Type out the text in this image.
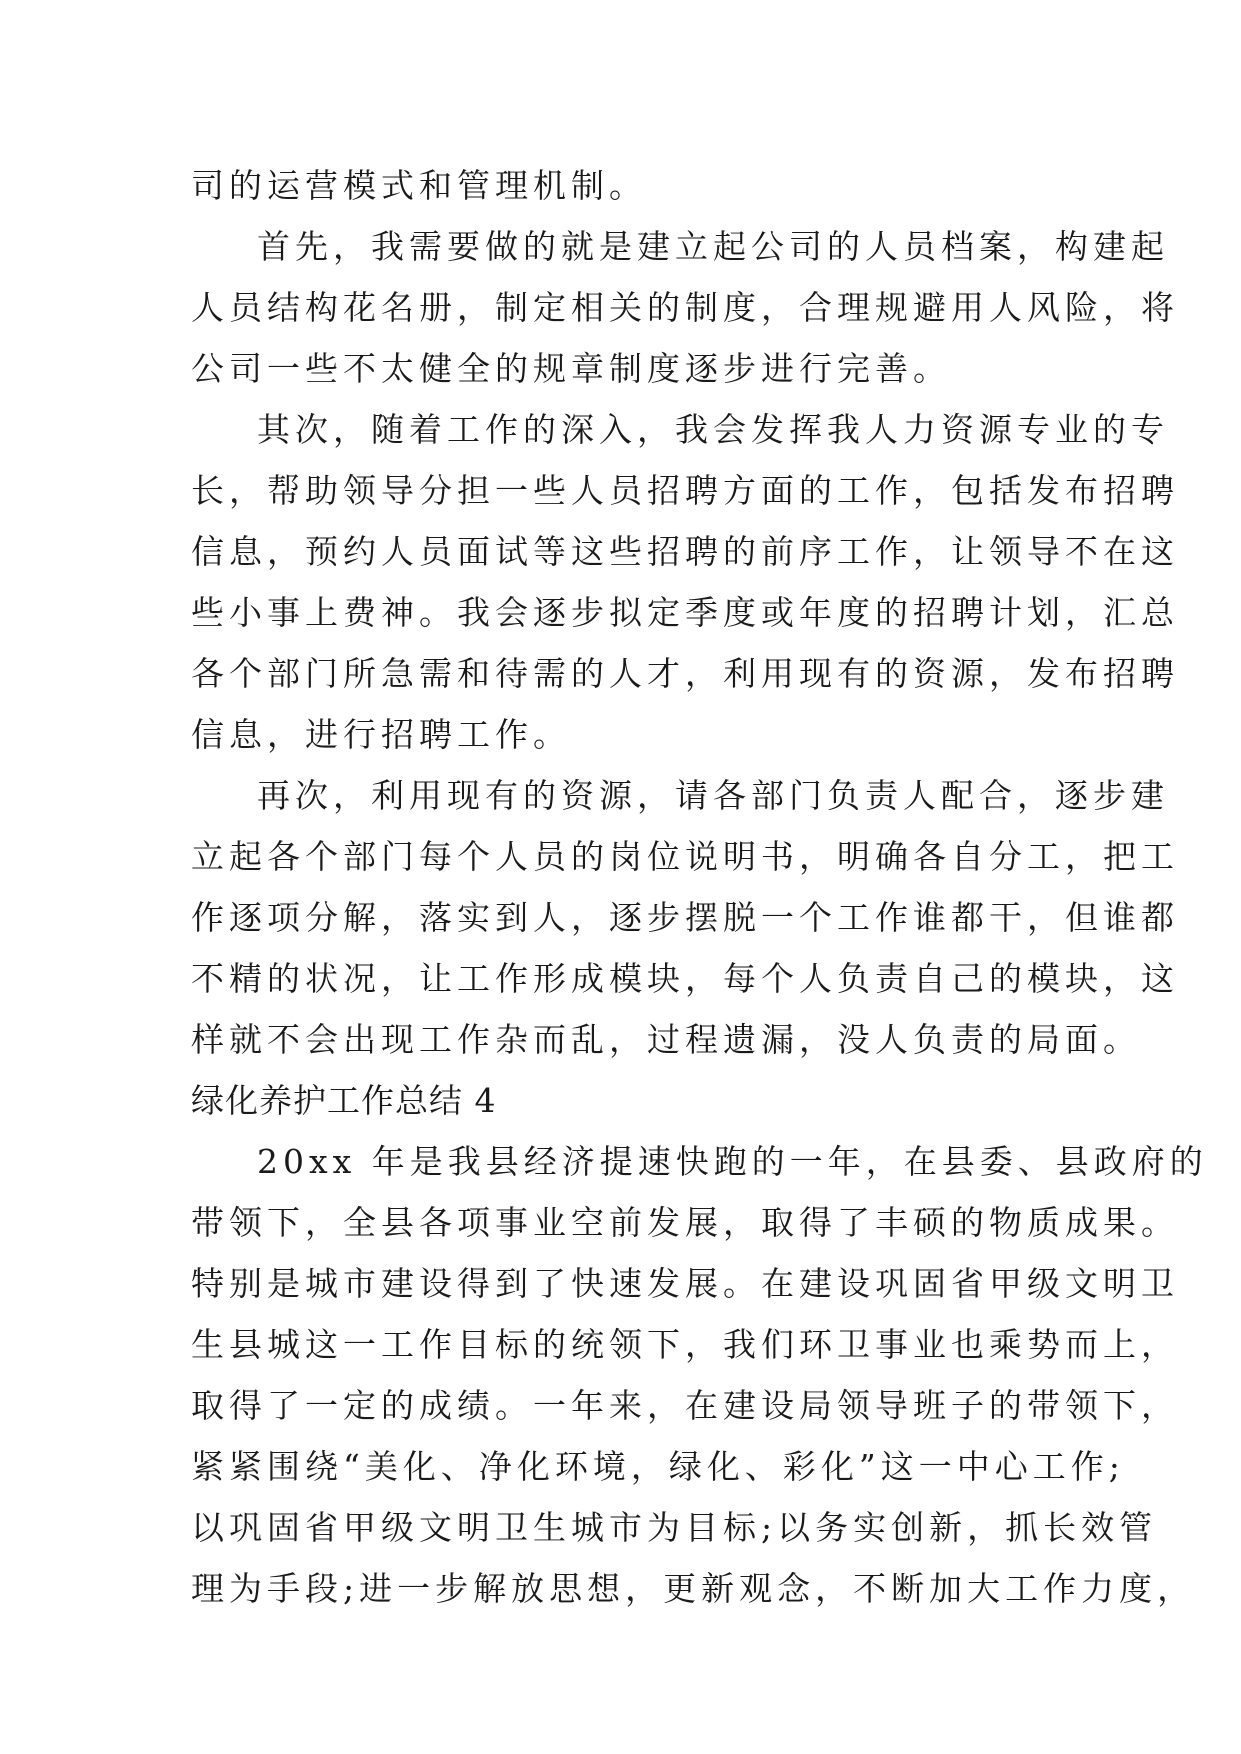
司的运营模式和管理机制。
首先，我需要做的就是建立起公司的人员档案，构建起
人员结构花名册，制定相关的制度，合理规避用人风险，将
公司一些不太健全的规章制度逐步进行完善。
其次，随着工作的深入，我会发挥我人力资源专业的专
长，帮助领导分担一些人员招聘方面的工作，包括发布招聘
信息，预约人员面试等这些招聘的前序工作，让领导不在这
些小事上费神。我会逐步拟定季度或年度的招聘计划，汇总
各个部门所急需和待需的人才，利用现有的资源，发布招聘
信息，进行招聘工作。
再次，利用现有的资源，请各部门负责人配合，逐步建
立起各个部门每个人员的岗位说明书，明确各自分工，把工
作逐项分解，落实到人，逐步摆脱一个工作谁都干，但谁都
不精的状况，让工作形成模块，每个人负责自己的模块，这
样就不会出现工作杂而乱，过程遗漏，没人负责的局面。
绿化养护工作总结 4
20xx 年是我县经济提速快跑的一年，在县委、县政府的
带领下，全县各项事业空前发展，取得了丰硕的物质成果。
特别是城市建设得到了快速发展。在建设巩固省甲级文明卫
生县城这一工作目标的统领下，我们环卫事业也乘势而上，
取得了一定的成绩。一年来，在建设局领导班子的带领下，
紧紧围绕“美化、净化环境，绿化、彩化”这一中心工作;
以巩固省甲级文明卫生城市为目标;以务实创新，抓长效管
理为手段;进一步解放思想，更新观念，不断加大工作力度，
